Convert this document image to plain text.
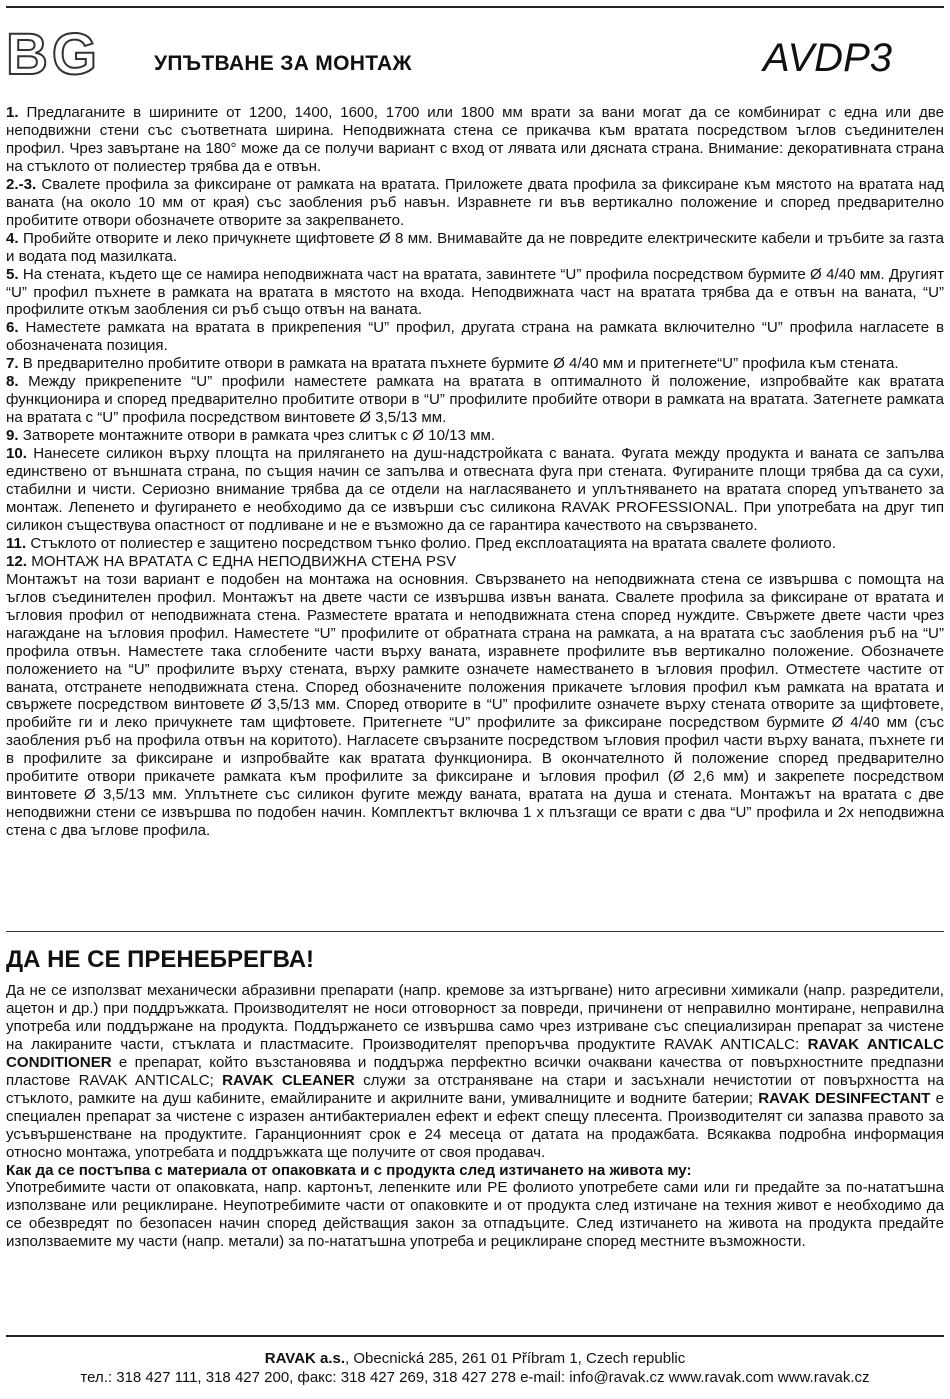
BG	УПЪТВАНЕ ЗА МОНТАЖ	AVDP3

1. Предлаганите в ширините от 1200, 1400, 1600, 1700 или 1800 мм врати за вани могат да се комбинират с една или две неподвижни стени със съответната ширина. Неподвижната стена се прикачва към вратата посредством ъглов съединителен профил. Чрез завъртане на 180° може да се получи вариант с вход от лявата или дясната страна. Внимание: декоративната страна на стъклото от полиестер трябва да е отвън.

2.-3. Свалете профила за фиксиране от рамката на вратата. Приложете двата профила за фиксиране към мястото на вратата над ваната (на около 10 мм от края) със заобления ръб навън. Изравнете ги във вертикално положение и според предварително пробитите отвори обозначете отворите за закрепването.

4. Пробийте отворите и леко причукнете щифтовете Ø 8 мм. Внимавайте да не повредите електрическите кабели и тръбите за газта и водата под мазилката.

5. На стената, където ще се намира неподвижната част на вратата, завинтете “U” профила посредством бурмите Ø 4/40 мм. Другият “U” профил пъхнете в рамката на вратата в мястото на входа. Неподвижната част на вратата трябва да е отвън на ваната, “U” профилите откъм заобления си ръб също отвън на ваната.

6. Наместете рамката на вратата в прикрепения “U” профил, другата страна на рамката включително “U” профила нагласете в обозначената позиция.

7. В предварително пробитите отвори в рамката на вратата пъхнете бурмите Ø 4/40 мм и притегнете“U” профила към стената.

8. Между прикрепените “U” профили наместете рамката на вратата в оптималното й положение, изпробвайте как вратата функционира и според предварително пробитите отвори в “U” профилите пробийте отвори в рамката на вратата. Затегнете рамката на вратата с “U” профила посредством винтовете Ø 3,5/13 мм.

9. Затворете монтажните отвори в рамката чрез слитък с Ø 10/13 мм.

10. Нанесете силикон върху площта на прилягането на душ-надстройката с ваната. Фугата между продукта и ваната се запълва единствено от външната страна, по същия начин се запълва и отвесната фуга при стената. Фугираните площи трябва да са сухи, стабилни и чисти. Сериозно внимание трябва да се отдели на нагласяването и уплътняването на вратата според упътването за монтаж. Лепенето и фугирането е необходимо да се извърши със силикона RAVAK PROFESSIONAL. При употребата на друг тип силикон съществува опастност от подливане и не е възможно да се гарантира качеството на свързването.

11. Стъклото от полиестер е защитено посредством тънко фолио. Пред експлоатацията на вратата свалете фолиото.

12. МОНТАЖ НА ВРАТАТА С ЕДНА НЕПОДВИЖНА СТЕНА PSV

Монтажът на този вариант е подобен на монтажа на основния. Свързването на неподвижната стена се извършва с помощта на ъглов съединителен профил. Монтажът на двете части се извършва извън ваната. Свалете профила за фиксиране от вратата и ъгловия профил от неподвижната стена. Разместете вратата и неподвижната стена според нуждите. Свържете двете части чрез нагаждане на ъгловия профил. Наместете “U” профилите от обратната страна на рамката, а на вратата със заобления ръб на “U” профила отвън. Наместете така сглобените части върху ваната, изравнете профилите във вертикално положение. Обозначете положението на “U” профилите върху стената, върху рамките означете наместването в ъгловия профил. Отместете частите от ваната, отстранете неподвижната стена. Според обозначените положения прикачете ъгловия профил към рамката на вратата и свържете посредством винтовете Ø 3,5/13 мм. Според отворите в “U” профилите означете върху стената отворите за щифтовете, пробийте ги и леко причукнете там щифтовете. Притегнете “U” профилите за фиксиране посредством бурмите Ø 4/40 мм (със заобления ръб на профила отвън на коритото). Нагласете свързаните посредством ъгловия профил части върху ваната, пъхнете ги в профилите за фиксиране и изпробвайте как вратата функционира. В окончателното й положение според предварително пробитите отвори прикачете рамката към профилите за фиксиране и ъгловия профил (Ø 2,6 мм) и закрепете посредством винтовете Ø 3,5/13 мм. Уплътнете със силикон фугите между ваната, вратата на душа и стената. Монтажът на вратата с две неподвижни стени се извършва по подобен начин. Комплектът включва 1 х плъзгащи се врати с два “U” профила и 2х неподвижна стена с два ъглове профила.

ДА НЕ СЕ ПРЕНЕБРЕГВА!

Да не се използват механически абразивни препарати (напр. кремове за изтъргване) нито агресивни химикали (напр. разредители, ацетон и др.) при поддръжката. Производителят не носи отговорност за повреди, причинени от неправилно монтиране, неправилна употреба или поддържане на продукта. Поддържането се извършва само чрез изтриване със специализиран препарат за чистене на лакираните части, стъклата и пластмасите. Производителят препоръчва продуктите RAVAK ANTICALC: RAVAK ANTICALC CONDITIONER е препарат, който възстановява и поддържа перфектно всички очаквани качества от повърхностните предпазни пластове RAVAK ANTICALC; RAVAK CLEANER служи за отстраняване на стари и засъхнали нечистотии от повърхността на стъклото, рамките на душ кабините, емайлираните и акрилните вани, умивалниците и водните батерии; RAVAK DESINFECTANT е специален препарат за чистене с изразен антибактериален ефект и ефект спещу плесента. Производителят си запазва правото за усъвършенстване на продуктите. Гаранционният срок е 24 месеца от датата на продажбата. Всякаква подробна информация относно монтажа, употребата и поддръжката ще получите от своя продавач.

Как да се постъпва с материала от опаковката и с продукта след изтичането на живота му:

Употребимите части от опаковката, напр. картонът, лепенките или PE фолиото употребете сами или ги предайте за по-нататъшна използване или рециклиране. Неупотребимите части от опаковките и от продукта след изтичане на техния живот е необходимо да се обезвредят по безопасен начин според действащия закон за отпадъците. След изтичането на живота на продукта предайте използваемите му части (напр. метали) за по-нататъшна употреба и рециклиране според местните възможности.

RAVAK a.s., Obecnická 285, 261 01 Příbram 1, Czech republic
тел.: 318 427 111, 318 427 200, факс: 318 427 269, 318 427 278 e-mail: info@ravak.cz www.ravak.com www.ravak.cz
